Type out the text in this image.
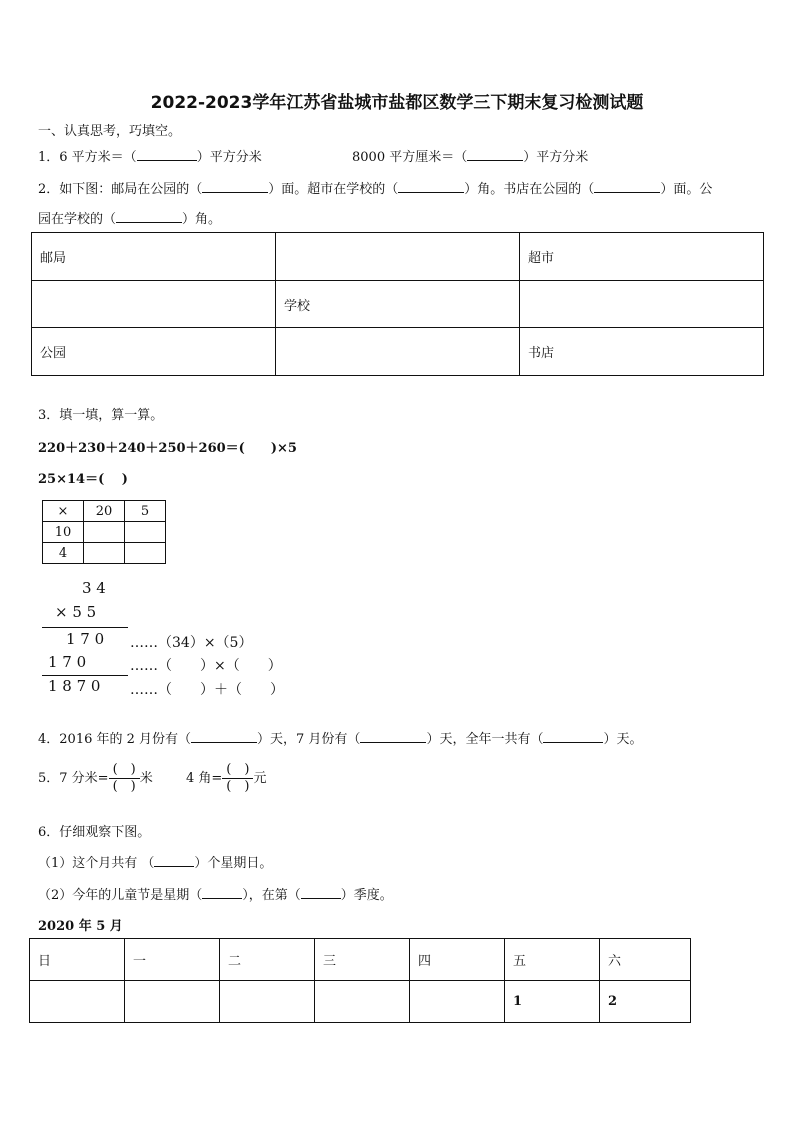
2022-2023学年江苏省盐城市盐都区数学三下期末复习检测试题
一、认真思考，巧填空。
1．6 平方米＝（	）平方分米	8000 平方厘米＝（	）平方分米
2．如下图：邮局在公园的（	）面。超市在学校的（	）角。书店在公园的（	）面。公
园在学校的（	）角。
邮局		超市
	学校	
公园		书店
3．填一填，算一算。
220＋230＋240＋250＋260＝(　　)×5
25×14＝(　 )
×	20	5
10		
4		
3 4
× 5 5
1 7 0 ……（34）×（5）
1 7 0	……（　　）×（　　）
1 8 7 0 ……（　　）＋（　　）
4．2016 年的 2 月份有（	）天，7 月份有（	）天，全年一共有（	）天。
5．7 分米= $\frac{( )}{( )}$ 米	4 角= $\frac{( )}{( )}$ 元
6．仔细观察下图。
（1）这个月共有 （	）个星期日。
（2）今年的儿童节是星期（	），在第（	）季度。
2020 年 5 月
日	一	二	三	四	五	六
					1	2
